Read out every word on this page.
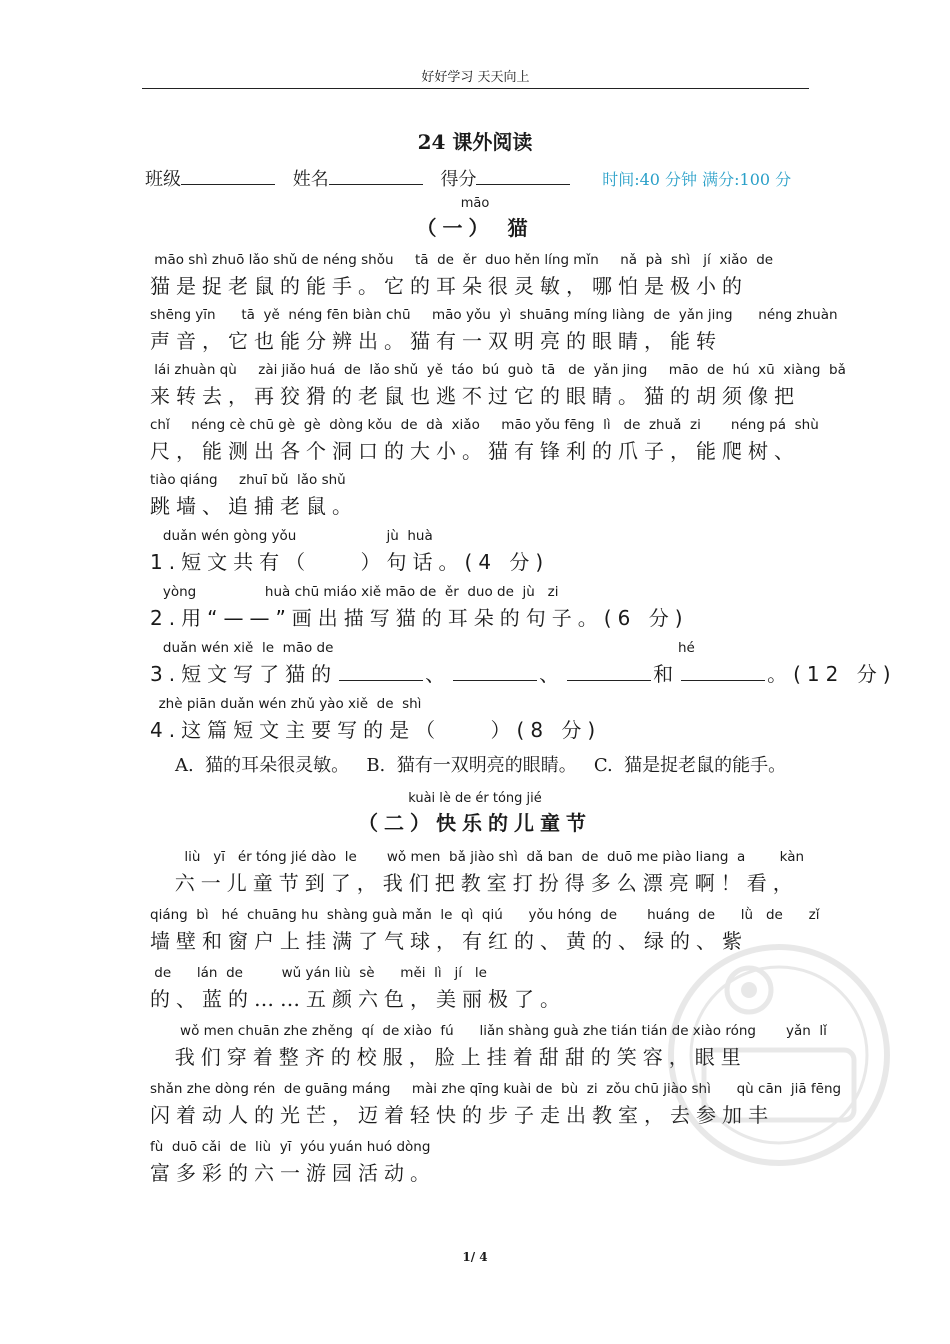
好好学习 天天向上
24 课外阅读
班级	姓名	得分	时间:40 分钟 满分:100 分
māo
（一） 猫
māo shì zhuō lǎo shǔ de néng shǒu     tā  de  ěr  duo hěn líng mǐn     nǎ  pà  shì   jí  xiǎo  de
猫是捉老鼠的能手。它的耳朵很灵敏，哪怕是极小的
shēng yīn      tā  yě  néng fēn biàn chū     māo yǒu  yì  shuāng míng liàng  de  yǎn jing      néng zhuàn
声音，它也能分辨出。猫有一双明亮的眼睛，能转
lái zhuàn qù     zài jiǎo huá  de  lǎo shǔ  yě  táo  bú  guò  tā   de  yǎn jing     māo  de  hú  xū  xiàng  bǎ
来转去，再狡猾的老鼠也逃不过它的眼睛。猫的胡须像把
chǐ     néng cè chū gè  gè  dòng kǒu  de  dà  xiǎo     māo yǒu fēng  lì   de  zhuǎ  zi       néng pá  shù
尺，能测出各个洞口的大小。猫有锋利的爪子，能爬树、
tiào qiáng     zhuī bǔ  lǎo shǔ
跳墙、追捕老鼠。
duǎn wén gòng yǒu                     jù  huà
1.短文共有（    ）句话。(4 分)
yòng                huà chū miáo xiě māo de  ěr  duo de  jù   zi
2.用“——”画出描写猫的耳朵的句子。(6 分)
duǎn wén xiě  le  māo de	hé
3.短文写了猫的	、	、	和	。(12 分)
zhè piān duǎn wén zhǔ yào xiě  de  shì
4.这篇短文主要写的是（    ）(8 分)
A.  猫的耳朵很灵敏。   B.  猫有一双明亮的眼睛。   C.  猫是捉老鼠的能手。
kuài lè de ér tóng jié
（二）快乐的儿童节
liù   yī   ér tóng jié dào  le       wǒ men  bǎ jiào shì  dǎ ban  de  duō me piào liang  a        kàn
六一儿童节到了，我们把教室打扮得多么漂亮啊！看，
qiáng  bì   hé  chuāng hu  shàng guà mǎn  le  qì  qiú      yǒu hóng  de       huáng  de      lǜ   de      zǐ
墙壁和窗户上挂满了气球，有红的、黄的、绿的、紫
de      lán  de         wǔ yán liù  sè      měi  lì   jí   le
的、蓝的……五颜六色，美丽极了。
wǒ men chuān zhe zhěng  qí  de xiào  fú      liǎn shàng guà zhe tián tián de xiào róng       yǎn  lǐ
我们穿着整齐的校服，脸上挂着甜甜的笑容，眼里
shǎn zhe dòng rén  de guāng máng     mài zhe qīng kuài de  bù  zi  zǒu chū jiào shì      qù cān  jiā fēng
闪着动人的光芒，迈着轻快的步子走出教室，去参加丰
fù  duō cǎi  de  liù  yī  yóu yuán huó dòng
富多彩的六一游园活动。
1/ 4
